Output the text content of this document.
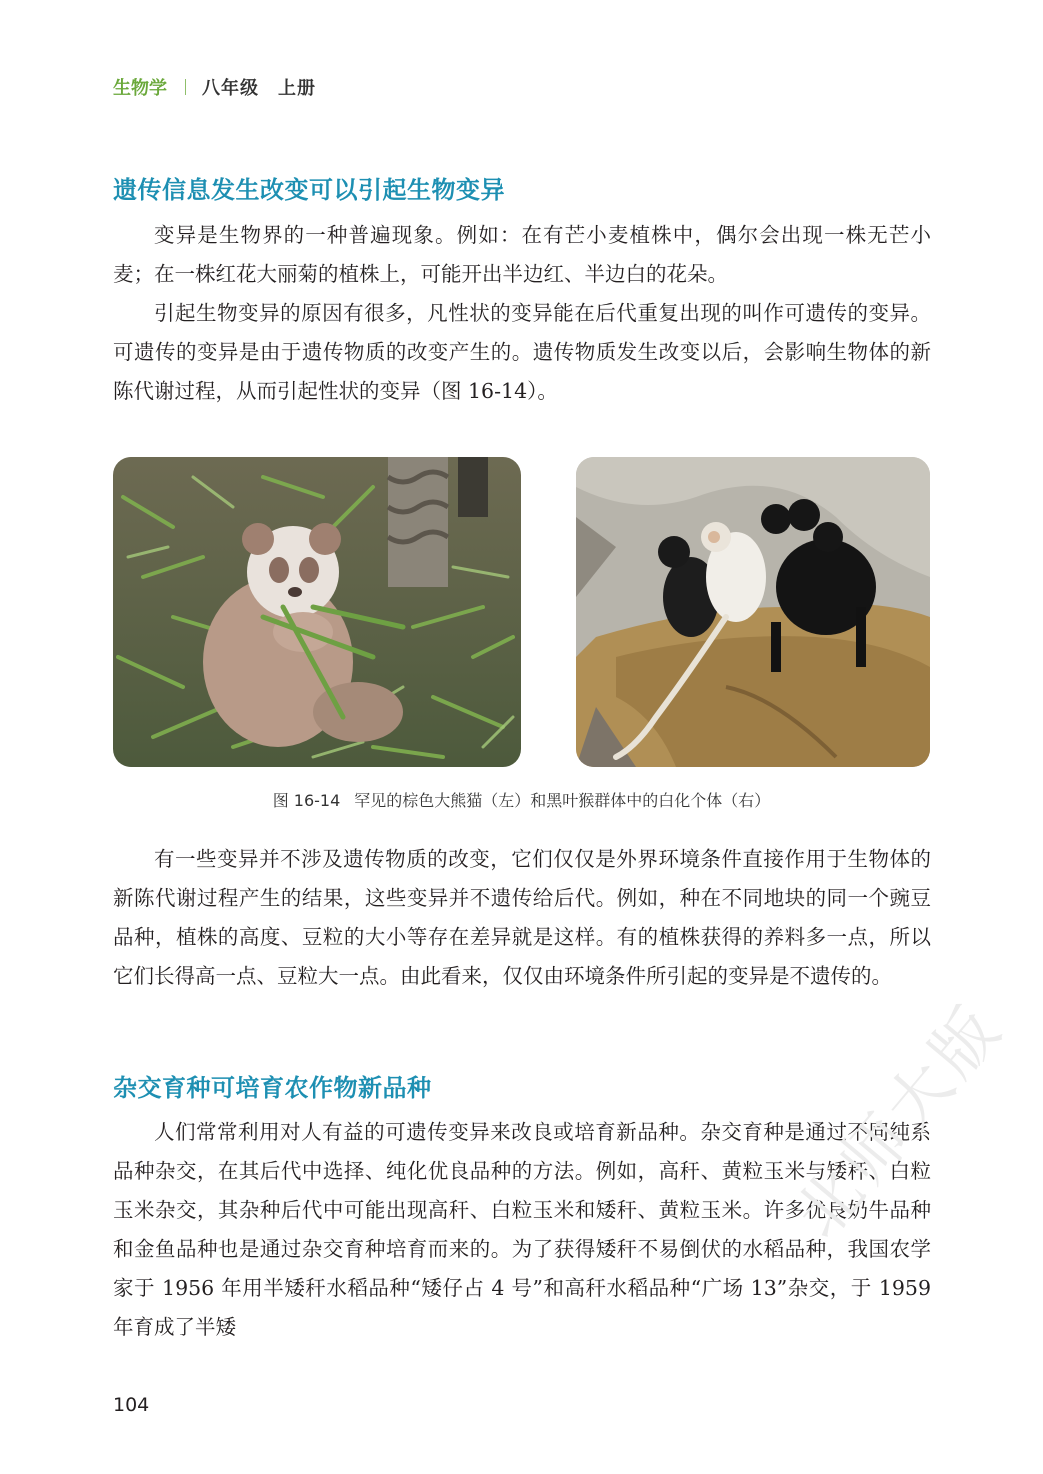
生物学 八年级　上册
遗传信息发生改变可以引起生物变异

变异是生物界的一种普遍现象。例如：在有芒小麦植株中，偶尔会出现一株无芒小麦；在一株红花大丽菊的植株上，可能开出半边红、半边白的花朵。

引起生物变异的原因有很多，凡性状的变异能在后代重复出现的叫作可遗传的变异。可遗传的变异是由于遗传物质的改变产生的。遗传物质发生改变以后，会影响生物体的新陈代谢过程，从而引起性状的变异（图 16-14）。

图 16-14 罕见的棕色大熊猫（左）和黑叶猴群体中的白化个体（右）

有一些变异并不涉及遗传物质的改变，它们仅仅是外界环境条件直接作用于生物体的新陈代谢过程产生的结果，这些变异并不遗传给后代。例如，种在不同地块的同一个豌豆品种，植株的高度、豆粒的大小等存在差异就是这样。有的植株获得的养料多一点，所以它们长得高一点、豆粒大一点。由此看来，仅仅由环境条件所引起的变异是不遗传的。

杂交育种可培育农作物新品种

人们常常利用对人有益的可遗传变异来改良或培育新品种。杂交育种是通过不同纯系品种杂交，在其后代中选择、纯化优良品种的方法。例如，高秆、黄粒玉米与矮秆、白粒玉米杂交，其杂种后代中可能出现高秆、白粒玉米和矮秆、黄粒玉米。许多优良奶牛品种和金鱼品种也是通过杂交育种培育而来的。为了获得矮秆不易倒伏的水稻品种，我国农学家于 1956 年用半矮秆水稻品种“矮仔占 4 号”和高秆水稻品种“广场 13”杂交，于 1959 年育成了半矮

104
北师大版
